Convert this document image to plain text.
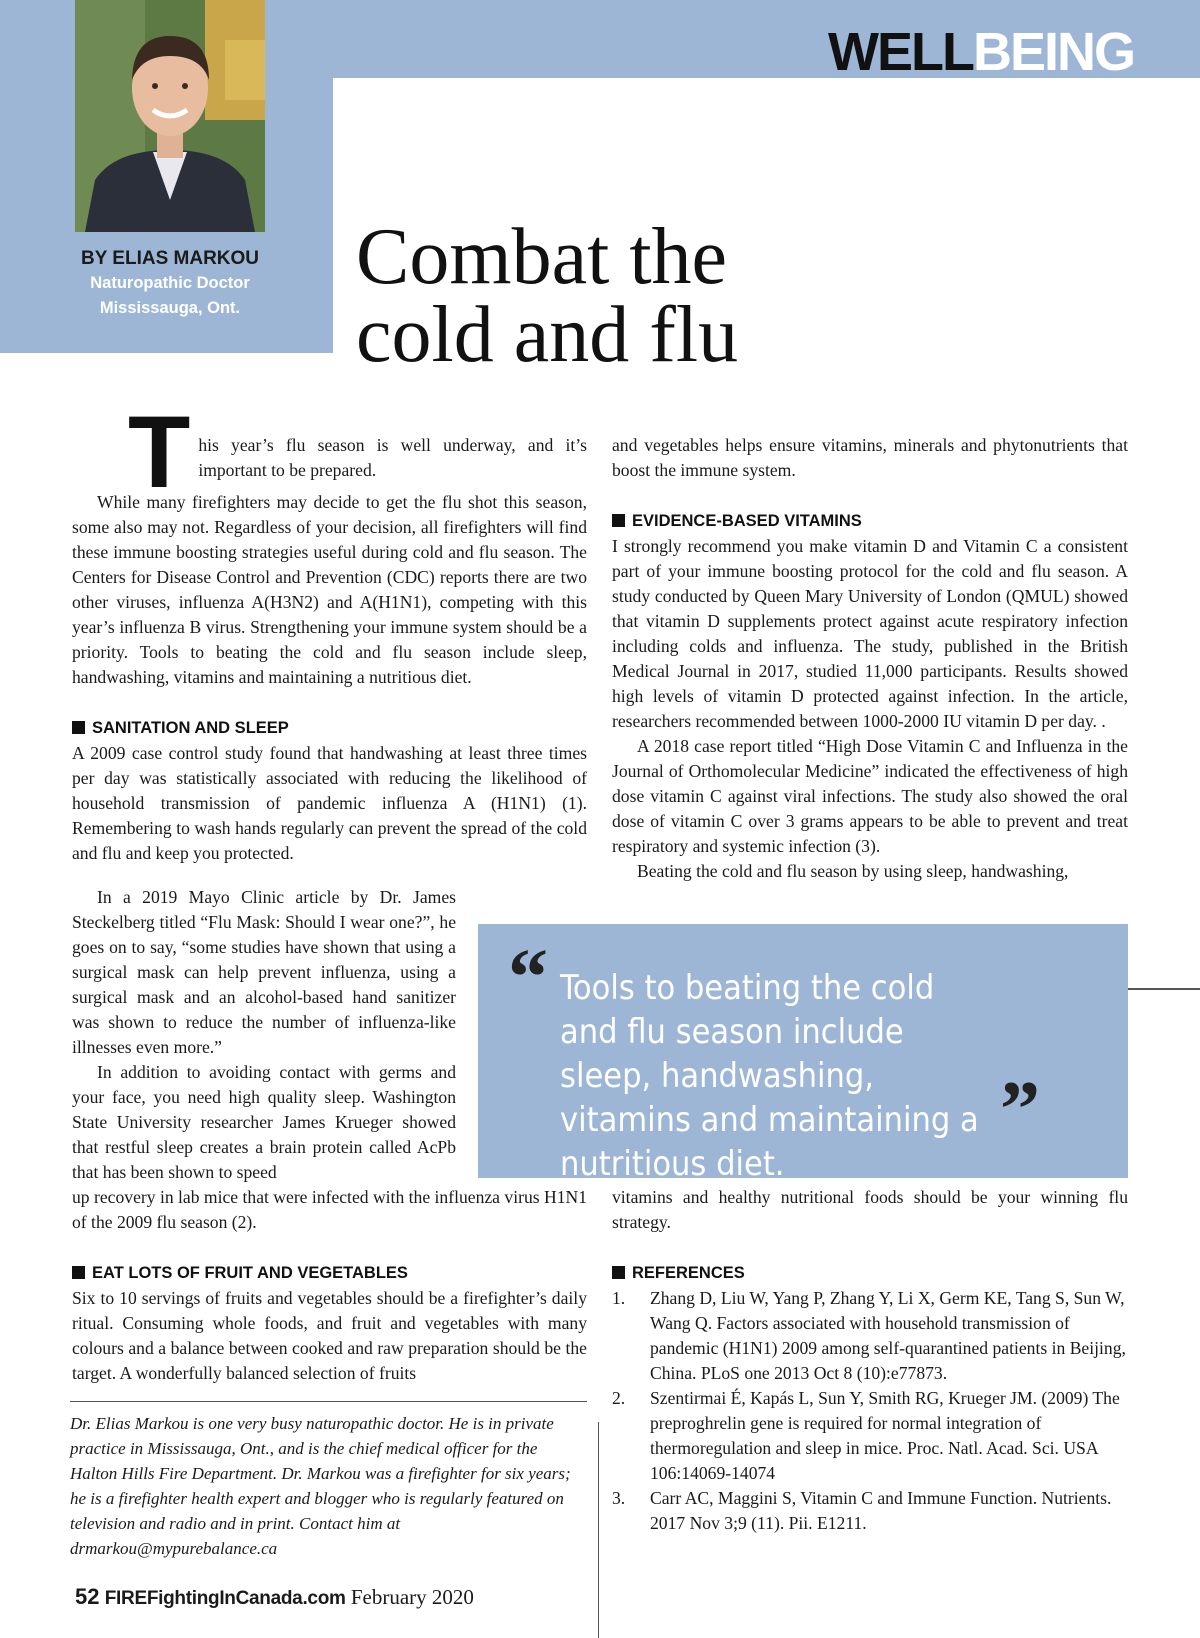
WELLBEING
BY ELIAS MARKOU
Naturopathic Doctor
Mississauga, Ont.
Combat the
cold and flu

T his year’s flu season is well underway, and it’s important to be prepared.

While many firefighters may decide to get the flu shot this season, some also may not. Regardless of your decision, all firefighters will find these immune boosting strategies useful during cold and flu season. The Centers for Disease Control and Prevention (CDC) reports there are two other viruses, influenza A(H3N2) and A(H1N1), competing with this year’s influenza B virus. Strengthening your immune system should be a priority. Tools to beating the cold and flu season include sleep, handwashing, vitamins and maintaining a nutritious diet.

SANITATION AND SLEEP

A 2009 case control study found that handwashing at least three times per day was statistically associated with reducing the likelihood of household transmission of pandemic influenza A (H1N1) (1). Remembering to wash hands regularly can prevent the spread of the cold and flu and keep you protected.

In a 2019 Mayo Clinic article by Dr. James Steckelberg titled “Flu Mask: Should I wear one?”, he goes on to say, “some studies have shown that using a surgical mask can help prevent influenza, using a surgical mask and an alcohol-based hand sanitizer was shown to reduce the number of influenza-like illnesses even more.”

In addition to avoiding contact with germs and your face, you need high quality sleep. Washington State University researcher James Krueger showed that restful sleep creates a brain protein called AcPb that has been shown to speed

up recovery in lab mice that were infected with the influenza virus H1N1 of the 2009 flu season (2).

EAT LOTS OF FRUIT AND VEGETABLES

Six to 10 servings of fruits and vegetables should be a firefighter’s daily ritual. Consuming whole foods, and fruit and vegetables with many colours and a balance between cooked and raw preparation should be the target. A wonderfully balanced selection of fruits

and vegetables helps ensure vitamins, minerals and phytonutrients that boost the immune system.

EVIDENCE-BASED VITAMINS

I strongly recommend you make vitamin D and Vitamin C a consistent part of your immune boosting protocol for the cold and flu season. A study conducted by Queen Mary University of London (QMUL) showed that vitamin D supplements protect against acute respiratory infection including colds and influenza. The study, published in the British Medical Journal in 2017, studied 11,000 participants. Results showed high levels of vitamin D protected against infection. In the article, researchers recommended between 1000-2000 IU vitamin D per day. .

A 2018 case report titled “High Dose Vitamin C and Influenza in the Journal of Orthomolecular Medicine” indicated the effectiveness of high dose vitamin C against viral infections. The study also showed the oral dose of vitamin C over 3 grams appears to be able to prevent and treat respiratory and systemic infection (3).

Beating the cold and flu season by using sleep, handwashing,

“ Tools to beating the cold and flu season include sleep, handwashing, vitamins and maintaining a nutritious diet.
”

vitamins and healthy nutritional foods should be your winning flu strategy.

REFERENCES
1. Zhang D, Liu W, Yang P, Zhang Y, Li X, Germ KE, Tang S, Sun W, Wang Q. Factors associated with household transmission of pandemic (H1N1) 2009 among self-quarantined patients in Beijing, China. PLoS one 2013 Oct 8 (10):e77873.
2. Szentirmai É, Kapás L, Sun Y, Smith RG, Krueger JM. (2009) The preproghrelin gene is required for normal integration of thermoregulation and sleep in mice. Proc. Natl. Acad. Sci. USA 106:14069-14074
3. Carr AC, Maggini S, Vitamin C and Immune Function. Nutrients. 2017 Nov 3;9 (11). Pii. E1211.
Dr. Elias Markou is one very busy naturopathic doctor. He is in private practice in Mississauga, Ont., and is the chief medical officer for the Halton Hills Fire Department. Dr. Markou was a firefighter for six years; he is a firefighter health expert and blogger who is regularly featured on television and radio and in print. Contact him at drmarkou@mypurebalance.ca
52 FIREFightingInCanada.com February 2020
